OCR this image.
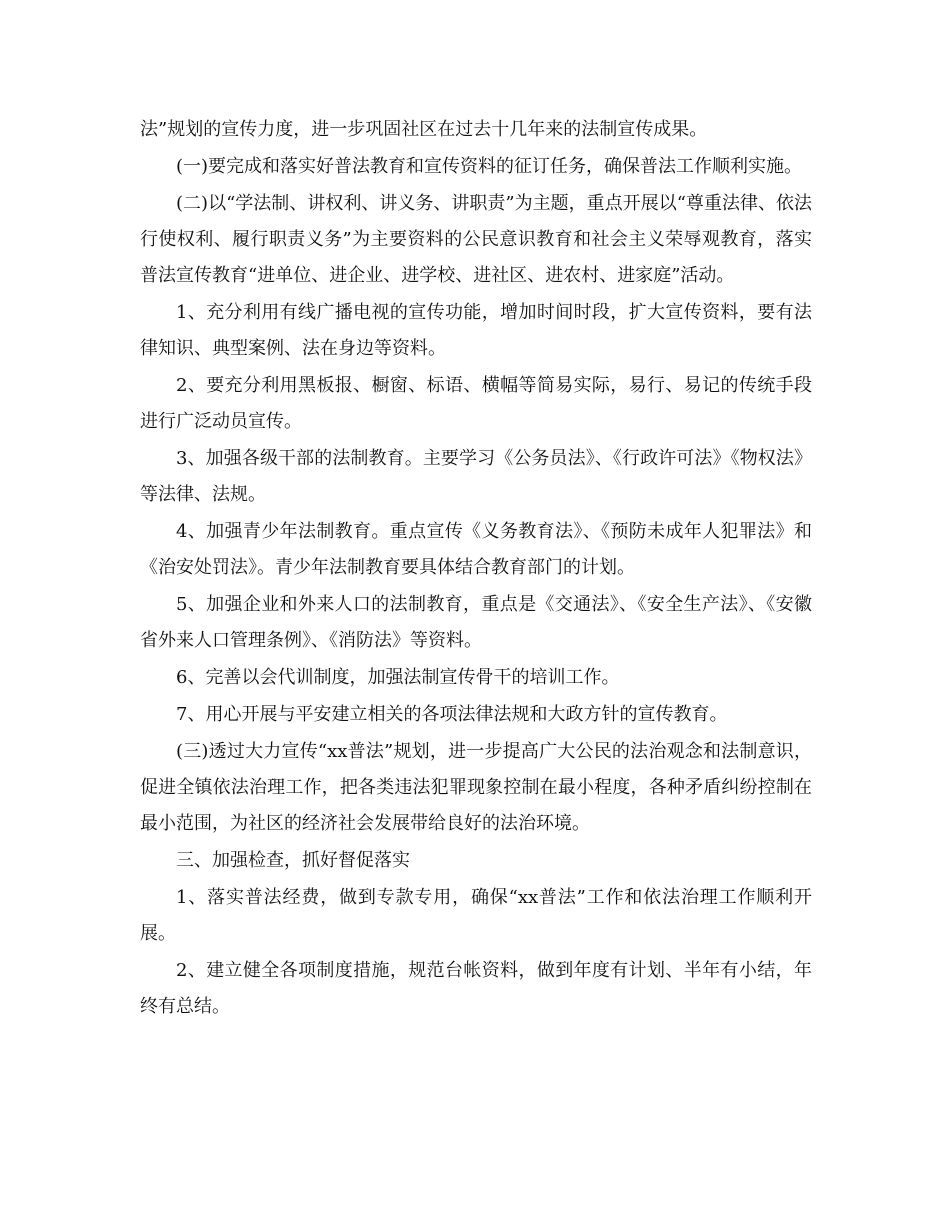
法”规划的宣传力度，进一步巩固社区在过去十几年来的法制宣传成果。

(一)要完成和落实好普法教育和宣传资料的征订任务，确保普法工作顺利实施。

(二)以“学法制、讲权利、讲义务、讲职责”为主题，重点开展以“尊重法律、依法行使权利、履行职责义务”为主要资料的公民意识教育和社会主义荣辱观教育，落实普法宣传教育“进单位、进企业、进学校、进社区、进农村、进家庭”活动。

1、充分利用有线广播电视的宣传功能，增加时间时段，扩大宣传资料，要有法律知识、典型案例、法在身边等资料。

2、要充分利用黑板报、橱窗、标语、横幅等简易实际，易行、易记的传统手段进行广泛动员宣传。

3、加强各级干部的法制教育。主要学习《公务员法》、《行政许可法》《物权法》等法律、法规。

4、加强青少年法制教育。重点宣传《义务教育法》、《预防未成年人犯罪法》和《治安处罚法》。青少年法制教育要具体结合教育部门的计划。

5、加强企业和外来人口的法制教育，重点是《交通法》、《安全生产法》、《安徽省外来人口管理条例》、《消防法》等资料。

6、完善以会代训制度，加强法制宣传骨干的培训工作。

7、用心开展与平安建立相关的各项法律法规和大政方针的宣传教育。

(三)透过大力宣传“xx普法”规划，进一步提高广大公民的法治观念和法制意识，促进全镇依法治理工作，把各类违法犯罪现象控制在最小程度，各种矛盾纠纷控制在最小范围，为社区的经济社会发展带给良好的法治环境。

三、加强检查，抓好督促落实

1、落实普法经费，做到专款专用，确保“xx普法”工作和依法治理工作顺利开展。

2、建立健全各项制度措施，规范台帐资料，做到年度有计划、半年有小结，年终有总结。
